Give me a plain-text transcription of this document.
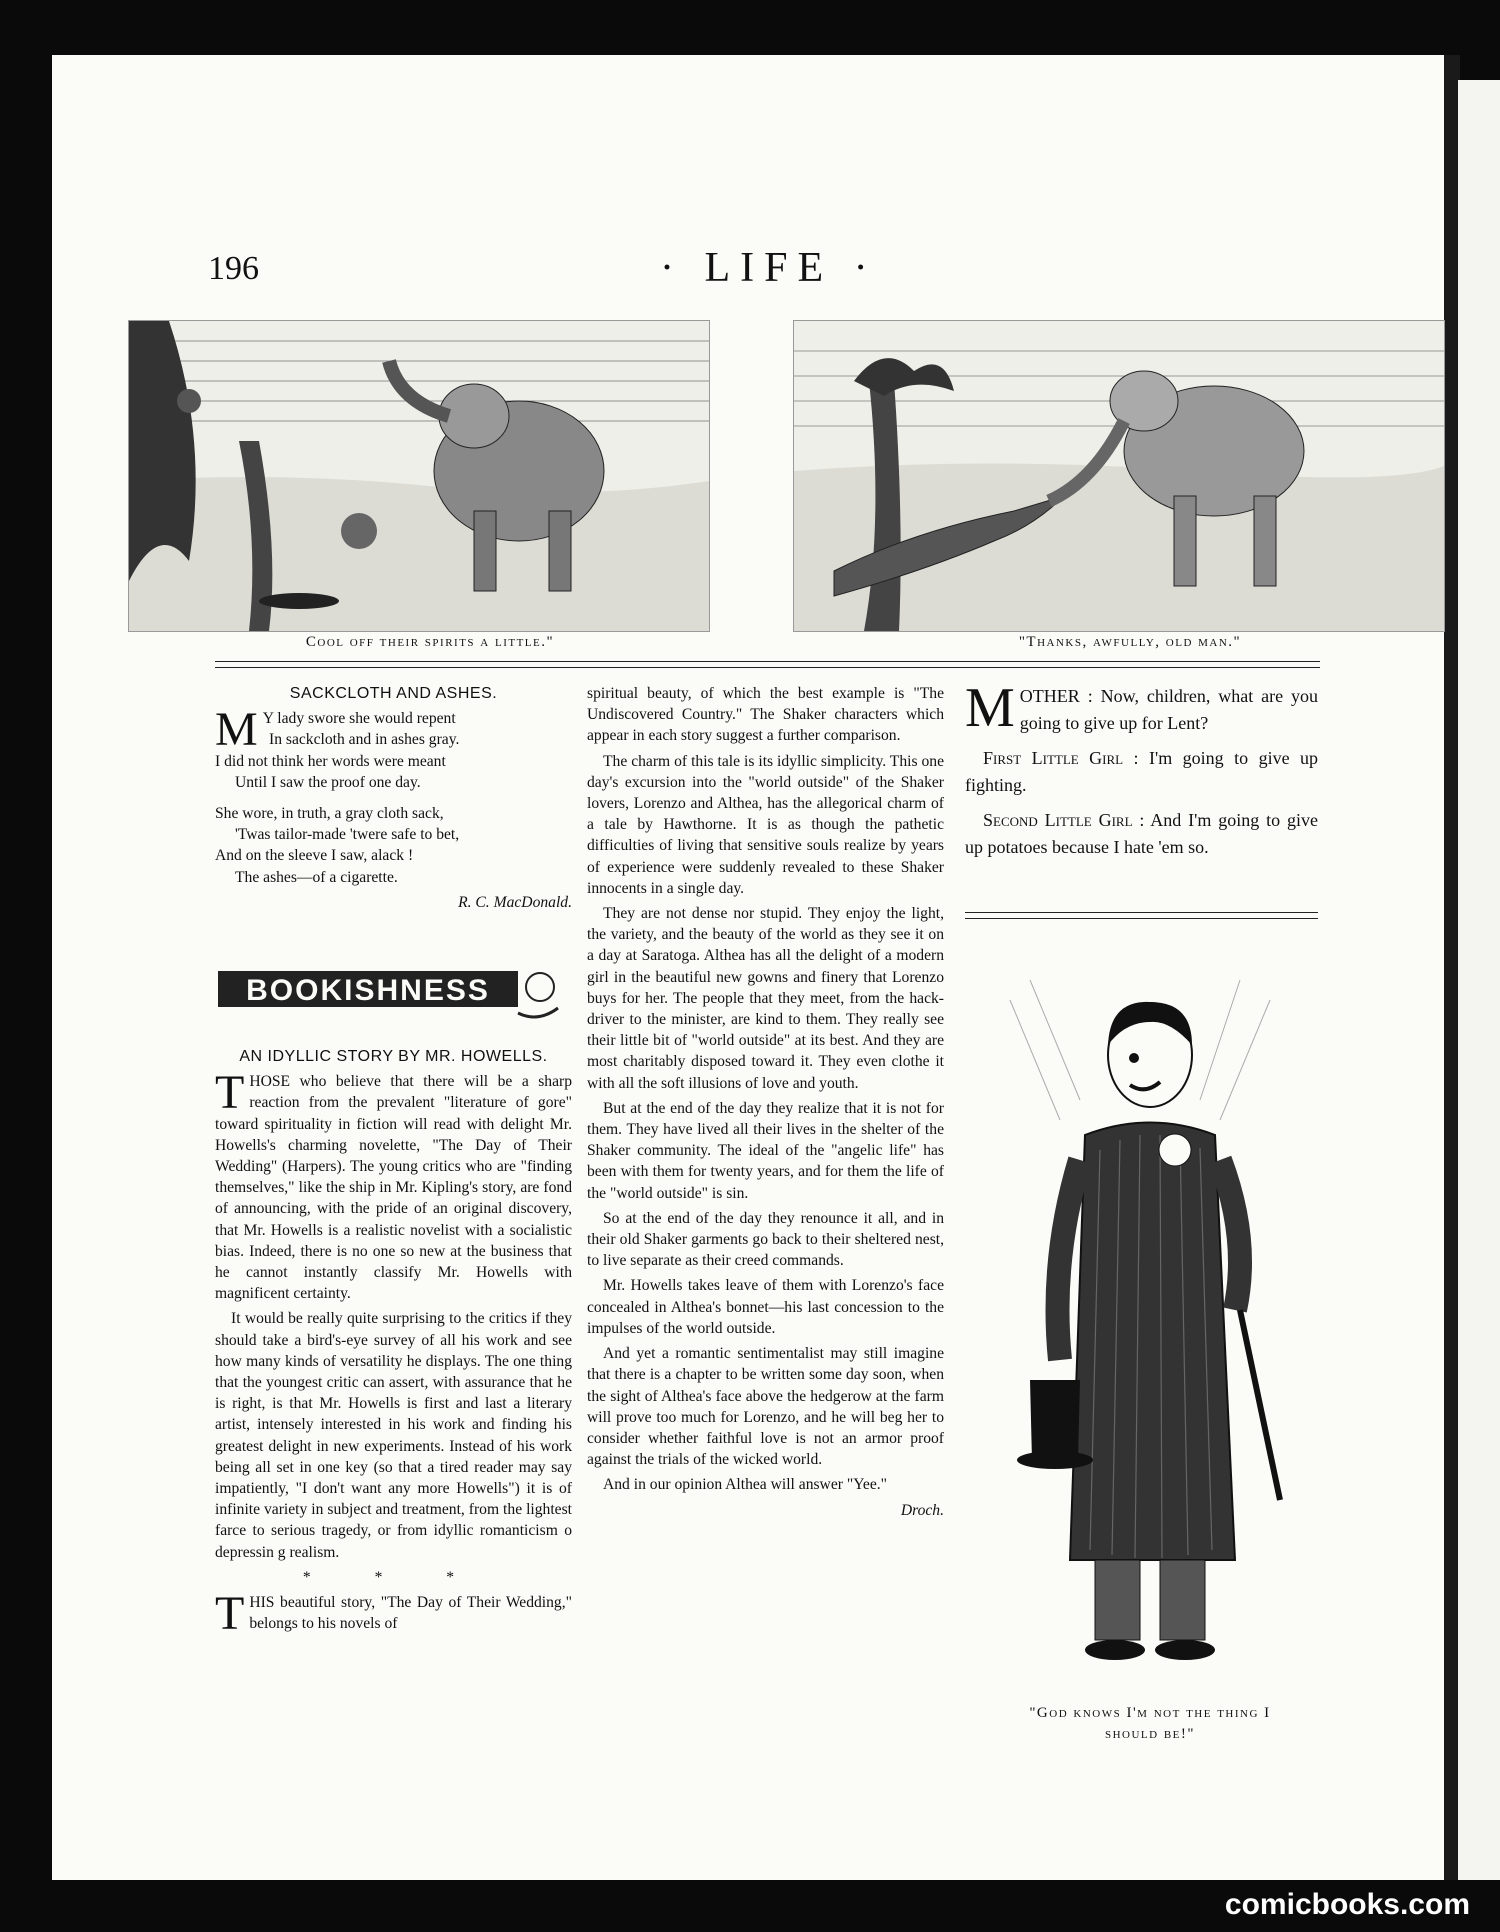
196	· LIFE ·
Cool off their spirits a little."	"Thanks, awfully, old man."
SACKCLOTH AND ASHES.
M Y lady swore she would repent
In sackcloth and in ashes gray.
I did not think her words were meant
Until I saw the proof one day.
She wore, in truth, a gray cloth sack,
'Twas tailor-made 'twere safe to bet,
And on the sleeve I saw, alack !
The ashes—of a cigarette.
R. C. MacDonald.
BOOKISHNESS
AN IDYLLIC STORY BY MR. HOWELLS.

THOSE who believe that there will be a sharp reaction from the prevalent "literature of gore" toward spirituality in fiction will read with delight Mr. Howells's charming novelette, "The Day of Their Wedding" (Harpers). The young critics who are "finding themselves," like the ship in Mr. Kipling's story, are fond of announcing, with the pride of an original discovery, that Mr. Howells is a realistic novelist with a socialistic bias. Indeed, there is no one so new at the business that he cannot instantly classify Mr. Howells with magnificent certainty.

It would be really quite surprising to the critics if they should take a bird's-eye survey of all his work and see how many kinds of versatility he displays. The one thing that the youngest critic can assert, with assurance that he is right, is that Mr. Howells is first and last a literary artist, intensely interested in his work and finding his greatest delight in new experiments. Instead of his work being all set in one key (so that a tired reader may say impatiently, "I don't want any more Howells") it is of infinite variety in subject and treatment, from the lightest farce to serious tragedy, or from idyllic romanticism o depressin g realism.

* * *

THIS beautiful story, "The Day of Their Wedding," belongs to his novels of

spiritual beauty, of which the best example is "The Undiscovered Country." The Shaker characters which appear in each story suggest a further comparison.

The charm of this tale is its idyllic simplicity. This one day's excursion into the "world outside" of the Shaker lovers, Lorenzo and Althea, has the allegorical charm of a tale by Hawthorne. It is as though the pathetic difficulties of living that sensitive souls realize by years of experience were suddenly revealed to these Shaker innocents in a single day.

They are not dense nor stupid. They enjoy the light, the variety, and the beauty of the world as they see it on a day at Saratoga. Althea has all the delight of a modern girl in the beautiful new gowns and finery that Lorenzo buys for her. The people that they meet, from the hack-driver to the minister, are kind to them. They really see their little bit of "world outside" at its best. And they are most charitably disposed toward it. They even clothe it with all the soft illusions of love and youth.

But at the end of the day they realize that it is not for them. They have lived all their lives in the shelter of the Shaker community. The ideal of the "angelic life" has been with them for twenty years, and for them the life of the "world outside" is sin.

So at the end of the day they renounce it all, and in their old Shaker garments go back to their sheltered nest, to live separate as their creed commands.

Mr. Howells takes leave of them with Lorenzo's face concealed in Althea's bonnet—his last concession to the impulses of the world outside.

And yet a romantic sentimentalist may still imagine that there is a chapter to be written some day soon, when the sight of Althea's face above the hedgerow at the farm will prove too much for Lorenzo, and he will beg her to consider whether faithful love is not an armor proof against the trials of the wicked world.

And in our opinion Althea will answer "Yee."

Droch.

MOTHER : Now, children, what are you going to give up for Lent?

First Little Girl : I'm going to give up fighting.

Second Little Girl : And I'm going to give up potatoes because I hate 'em so.

"God knows I'm not the thing I
should be!"
comicbooks.com
